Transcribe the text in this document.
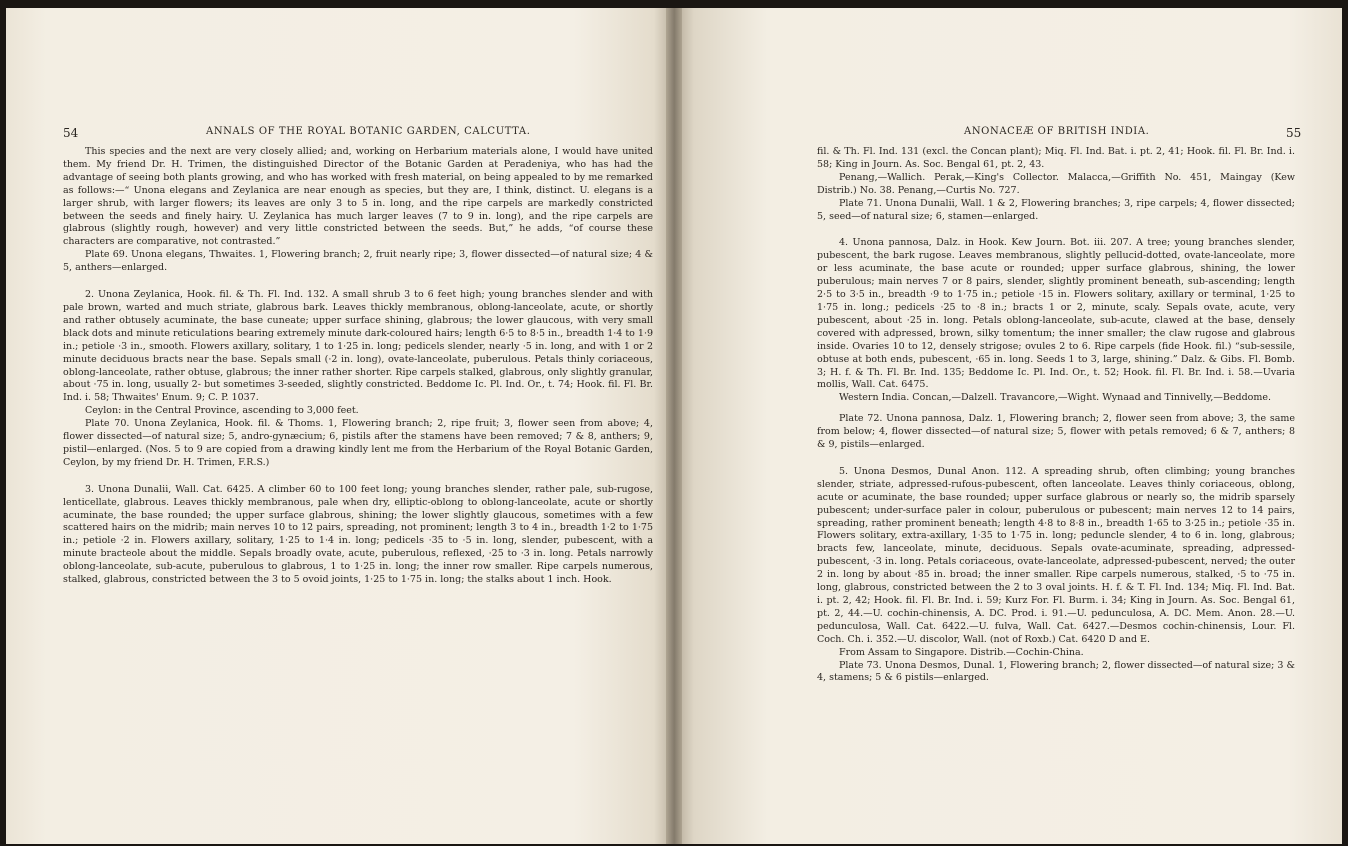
54	ANNALS OF THE ROYAL BOTANIC GARDEN, CALCUTTA.

This species and the next are very closely allied; and, working on Herbarium materials alone, I would have united them. My friend Dr. H. Trimen, the distinguished Director of the Botanic Garden at Peradeniya, who has had the advantage of seeing both plants growing, and who has worked with fresh material, on being appealed to by me remarked as follows:—“ Unona elegans and Zeylanica are near enough as species, but they are, I think, distinct. U. elegans is a larger shrub, with larger flowers; its leaves are only 3 to 5 in. long, and the ripe carpels are markedly constricted between the seeds and finely hairy. U. Zeylanica has much larger leaves (7 to 9 in. long), and the ripe carpels are glabrous (slightly rough, however) and very little constricted between the seeds. But,” he adds, “of course these characters are comparative, not contrasted.”

Plate 69. Unona elegans, Thwaites. 1, Flowering branch; 2, fruit nearly ripe; 3, flower dissected—of natural size; 4 & 5, anthers—enlarged.

2. Unona Zeylanica, Hook. fil. & Th. Fl. Ind. 132. A small shrub 3 to 6 feet high; young branches slender and with pale brown, warted and much striate, glabrous bark. Leaves thickly membranous, oblong-lanceolate, acute, or shortly and rather obtusely acuminate, the base cuneate; upper surface shining, glabrous; the lower glaucous, with very small black dots and minute reticulations bearing extremely minute dark-coloured hairs; length 6·5 to 8·5 in., breadth 1·4 to 1·9 in.; petiole ·3 in., smooth. Flowers axillary, solitary, 1 to 1·25 in. long; pedicels slender, nearly ·5 in. long, and with 1 or 2 minute deciduous bracts near the base. Sepals small (·2 in. long), ovate-lanceolate, puberulous. Petals thinly coriaceous, oblong-lanceolate, rather obtuse, glabrous; the inner rather shorter. Ripe carpels stalked, glabrous, only slightly granular, about ·75 in. long, usually 2- but sometimes 3-seeded, slightly constricted. Beddome Ic. Pl. Ind. Or., t. 74; Hook. fil. Fl. Br. Ind. i. 58; Thwaites' Enum. 9; C. P. 1037.

Ceylon: in the Central Province, ascending to 3,000 feet.

Plate 70. Unona Zeylanica, Hook. fil. & Thoms. 1, Flowering branch; 2, ripe fruit; 3, flower seen from above; 4, flower dissected—of natural size; 5, andro-gynæcium; 6, pistils after the stamens have been removed; 7 & 8, anthers; 9, pistil—enlarged. (Nos. 5 to 9 are copied from a drawing kindly lent me from the Herbarium of the Royal Botanic Garden, Ceylon, by my friend Dr. H. Trimen, F.R.S.)

3. Unona Dunalii, Wall. Cat. 6425. A climber 60 to 100 feet long; young branches slender, rather pale, sub-rugose, lenticellate, glabrous. Leaves thickly membranous, pale when dry, elliptic-oblong to oblong-lanceolate, acute or shortly acuminate, the base rounded; the upper surface glabrous, shining; the lower slightly glaucous, sometimes with a few scattered hairs on the midrib; main nerves 10 to 12 pairs, spreading, not prominent; length 3 to 4 in., breadth 1·2 to 1·75 in.; petiole ·2 in. Flowers axillary, solitary, 1·25 to 1·4 in. long; pedicels ·35 to ·5 in. long, slender, pubescent, with a minute bracteole about the middle. Sepals broadly ovate, acute, puberulous, reflexed, ·25 to ·3 in. long. Petals narrowly oblong-lanceolate, sub-acute, puberulous to glabrous, 1 to 1·25 in. long; the inner row smaller. Ripe carpels numerous, stalked, glabrous, constricted between the 3 to 5 ovoid joints, 1·25 to 1·75 in. long; the stalks about 1 inch. Hook.

ANONACEÆ OF BRITISH INDIA.	55

fil. & Th. Fl. Ind. 131 (excl. the Concan plant); Miq. Fl. Ind. Bat. i. pt. 2, 41; Hook. fil. Fl. Br. Ind. i. 58; King in Journ. As. Soc. Bengal 61, pt. 2, 43.

Penang,—Wallich. Perak,—King's Collector. Malacca,—Griffith No. 451, Maingay (Kew Distrib.) No. 38. Penang,—Curtis No. 727.

Plate 71. Unona Dunalii, Wall. 1 & 2, Flowering branches; 3, ripe carpels; 4, flower dissected; 5, seed—of natural size; 6, stamen—enlarged.

4. Unona pannosa, Dalz. in Hook. Kew Journ. Bot. iii. 207. A tree; young branches slender, pubescent, the bark rugose. Leaves membranous, slightly pellucid-dotted, ovate-lanceolate, more or less acuminate, the base acute or rounded; upper surface glabrous, shining, the lower puberulous; main nerves 7 or 8 pairs, slender, slightly prominent beneath, sub-ascending; length 2·5 to 3·5 in., breadth ·9 to 1·75 in.; petiole ·15 in. Flowers solitary, axillary or terminal, 1·25 to 1·75 in. long.; pedicels ·25 to ·8 in.; bracts 1 or 2, minute, scaly. Sepals ovate, acute, very pubescent, about ·25 in. long. Petals oblong-lanceolate, sub-acute, clawed at the base, densely covered with adpressed, brown, silky tomentum; the inner smaller; the claw rugose and glabrous inside. Ovaries 10 to 12, densely strigose; ovules 2 to 6. Ripe carpels (fide Hook. fil.) “sub-sessile, obtuse at both ends, pubescent, ·65 in. long. Seeds 1 to 3, large, shining.” Dalz. & Gibs. Fl. Bomb. 3; H. f. & Th. Fl. Br. Ind. 135; Beddome Ic. Pl. Ind. Or., t. 52; Hook. fil. Fl. Br. Ind. i. 58.—Uvaria mollis, Wall. Cat. 6475.

Western India. Concan,—Dalzell. Travancore,—Wight. Wynaad and Tinnivelly,—Beddome.

Plate 72. Unona pannosa, Dalz. 1, Flowering branch; 2, flower seen from above; 3, the same from below; 4, flower dissected—of natural size; 5, flower with petals removed; 6 & 7, anthers; 8 & 9, pistils—enlarged.

5. Unona Desmos, Dunal Anon. 112. A spreading shrub, often climbing; young branches slender, striate, adpressed-rufous-pubescent, often lanceolate. Leaves thinly coriaceous, oblong, acute or acuminate, the base rounded; upper surface glabrous or nearly so, the midrib sparsely pubescent; under-surface paler in colour, puberulous or pubescent; main nerves 12 to 14 pairs, spreading, rather prominent beneath; length 4·8 to 8·8 in., breadth 1·65 to 3·25 in.; petiole ·35 in. Flowers solitary, extra-axillary, 1·35 to 1·75 in. long; peduncle slender, 4 to 6 in. long, glabrous; bracts few, lanceolate, minute, deciduous. Sepals ovate-acuminate, spreading, adpressed-pubescent, ·3 in. long. Petals coriaceous, ovate-lanceolate, adpressed-pubescent, nerved; the outer 2 in. long by about ·85 in. broad; the inner smaller. Ripe carpels numerous, stalked, ·5 to ·75 in. long, glabrous, constricted between the 2 to 3 oval joints. H. f. & T. Fl. Ind. 134; Miq. Fl. Ind. Bat. i. pt. 2, 42; Hook. fil. Fl. Br. Ind. i. 59; Kurz For. Fl. Burm. i. 34; King in Journ. As. Soc. Bengal 61, pt. 2, 44.—U. cochin-chinensis, A. DC. Prod. i. 91.—U. pedunculosa, A. DC. Mem. Anon. 28.—U. pedunculosa, Wall. Cat. 6422.—U. fulva, Wall. Cat. 6427.—Desmos cochin-chinensis, Lour. Fl. Coch. Ch. i. 352.—U. discolor, Wall. (not of Roxb.) Cat. 6420 D and E.

From Assam to Singapore. Distrib.—Cochin-China.

Plate 73. Unona Desmos, Dunal. 1, Flowering branch; 2, flower dissected—of natural size; 3 & 4, stamens; 5 & 6 pistils—enlarged.
